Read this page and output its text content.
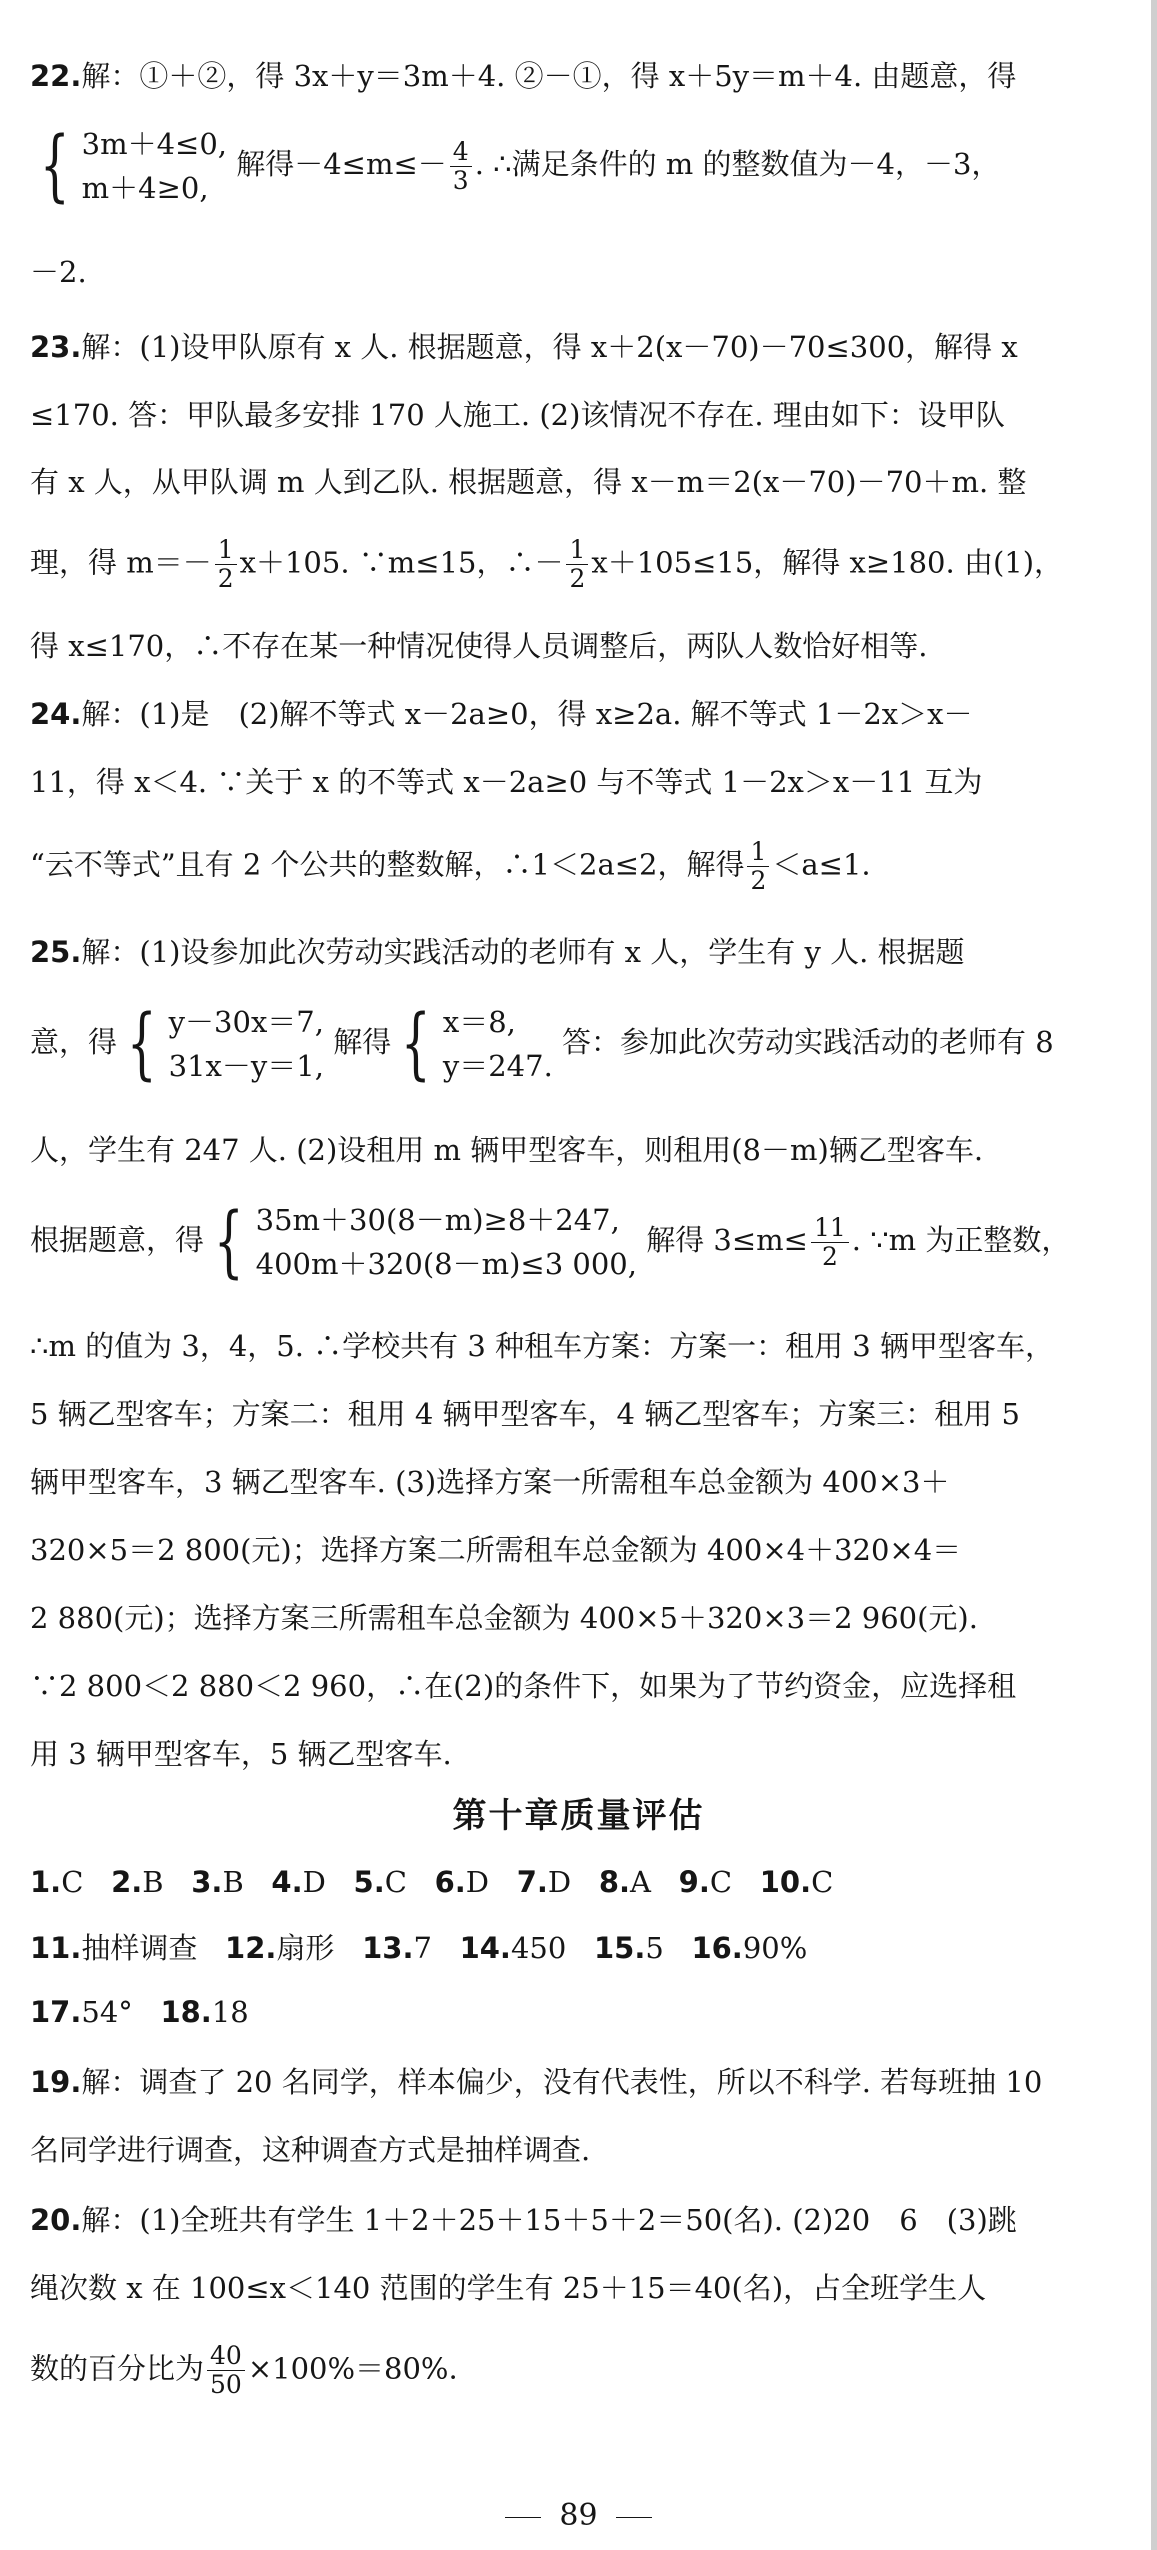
22.解：①＋②，得 3x＋y＝3m＋4. ②－①，得 x＋5y＝m＋4. 由题意，得
{ 3m＋4≤0,
m＋4≥0,
解得$-4\le m\le- \frac{4}{3}$ . ∴满足条件的 m 的整数值为－4，－3，
－2.
23.解：(1)设甲队原有 x 人. 根据题意，得 x＋2(x－70)－70≤300，解得 x
≤170. 答：甲队最多安排 170 人施工. (2)该情况不存在. 理由如下：设甲队
有 x 人，从甲队调 m 人到乙队. 根据题意，得 x－m＝2(x－70)－70＋m. 整
理，得 $m=- \frac{1}{2} x+105$. ∵m≤15，∴－ $\frac{1}{2} x+105\le 15$，解得 x≥180. 由(1)，
得 x≤170，∴不存在某一种情况使得人员调整后，两队人数恰好相等.
24.解：(1)是　(2)解不等式 x－2a≥0，得 x≥2a. 解不等式 1－2x＞x－
11，得 x＜4. ∵关于 x 的不等式 x－2a≥0 与不等式 1－2x＞x－11 互为
“云不等式”且有 2 个公共的整数解，∴1＜2a≤2，解得 $\frac{1}{2} <a\le 1$.
25.解：(1)设参加此次劳动实践活动的老师有 x 人，学生有 y 人. 根据题
意，得 { y－30x＝7,
31x－y＝1,
解得 { x＝8,
y＝247.
答：参加此次劳动实践活动的老师有 8
人，学生有 247 人. (2)设租用 m 辆甲型客车，则租用(8－m)辆乙型客车.
根据题意，得 { 35m＋30(8－m)≥8＋247,
400m＋320(8－m)≤3 000,
解得 $3\le m\le \frac{11}{2}$ . ∵m 为正整数，
∴m 的值为 3，4，5. ∴学校共有 3 种租车方案：方案一：租用 3 辆甲型客车，
5 辆乙型客车；方案二：租用 4 辆甲型客车，4 辆乙型客车；方案三：租用 5
辆甲型客车，3 辆乙型客车. (3)选择方案一所需租车总金额为 400×3＋
320×5＝2 800(元)；选择方案二所需租车总金额为 400×4＋320×4＝
2 880(元)；选择方案三所需租车总金额为 400×5＋320×3＝2 960(元).
∵2 800＜2 880＜2 960，∴在(2)的条件下，如果为了节约资金，应选择租
用 3 辆甲型客车，5 辆乙型客车.
第十章质量评估
1.C 2.B 3.B 4.D 5.C 6.D 7.D 8.A 9.C 10.C
11.抽样调查 12.扇形 13.7 14.450 15.5 16.90%
17.54° 18.18
19.解：调查了 20 名同学，样本偏少，没有代表性，所以不科学. 若每班抽 10
名同学进行调查，这种调查方式是抽样调查.
20.解：(1)全班共有学生 1＋2＋25＋15＋5＋2＝50(名). (2)20　6　(3)跳
绳次数 x 在 100≤x＜140 范围的学生有 25＋15＝40(名)，占全班学生人
数的百分比为 $\frac{40}{50} \times 100\%=80\%$.
89
